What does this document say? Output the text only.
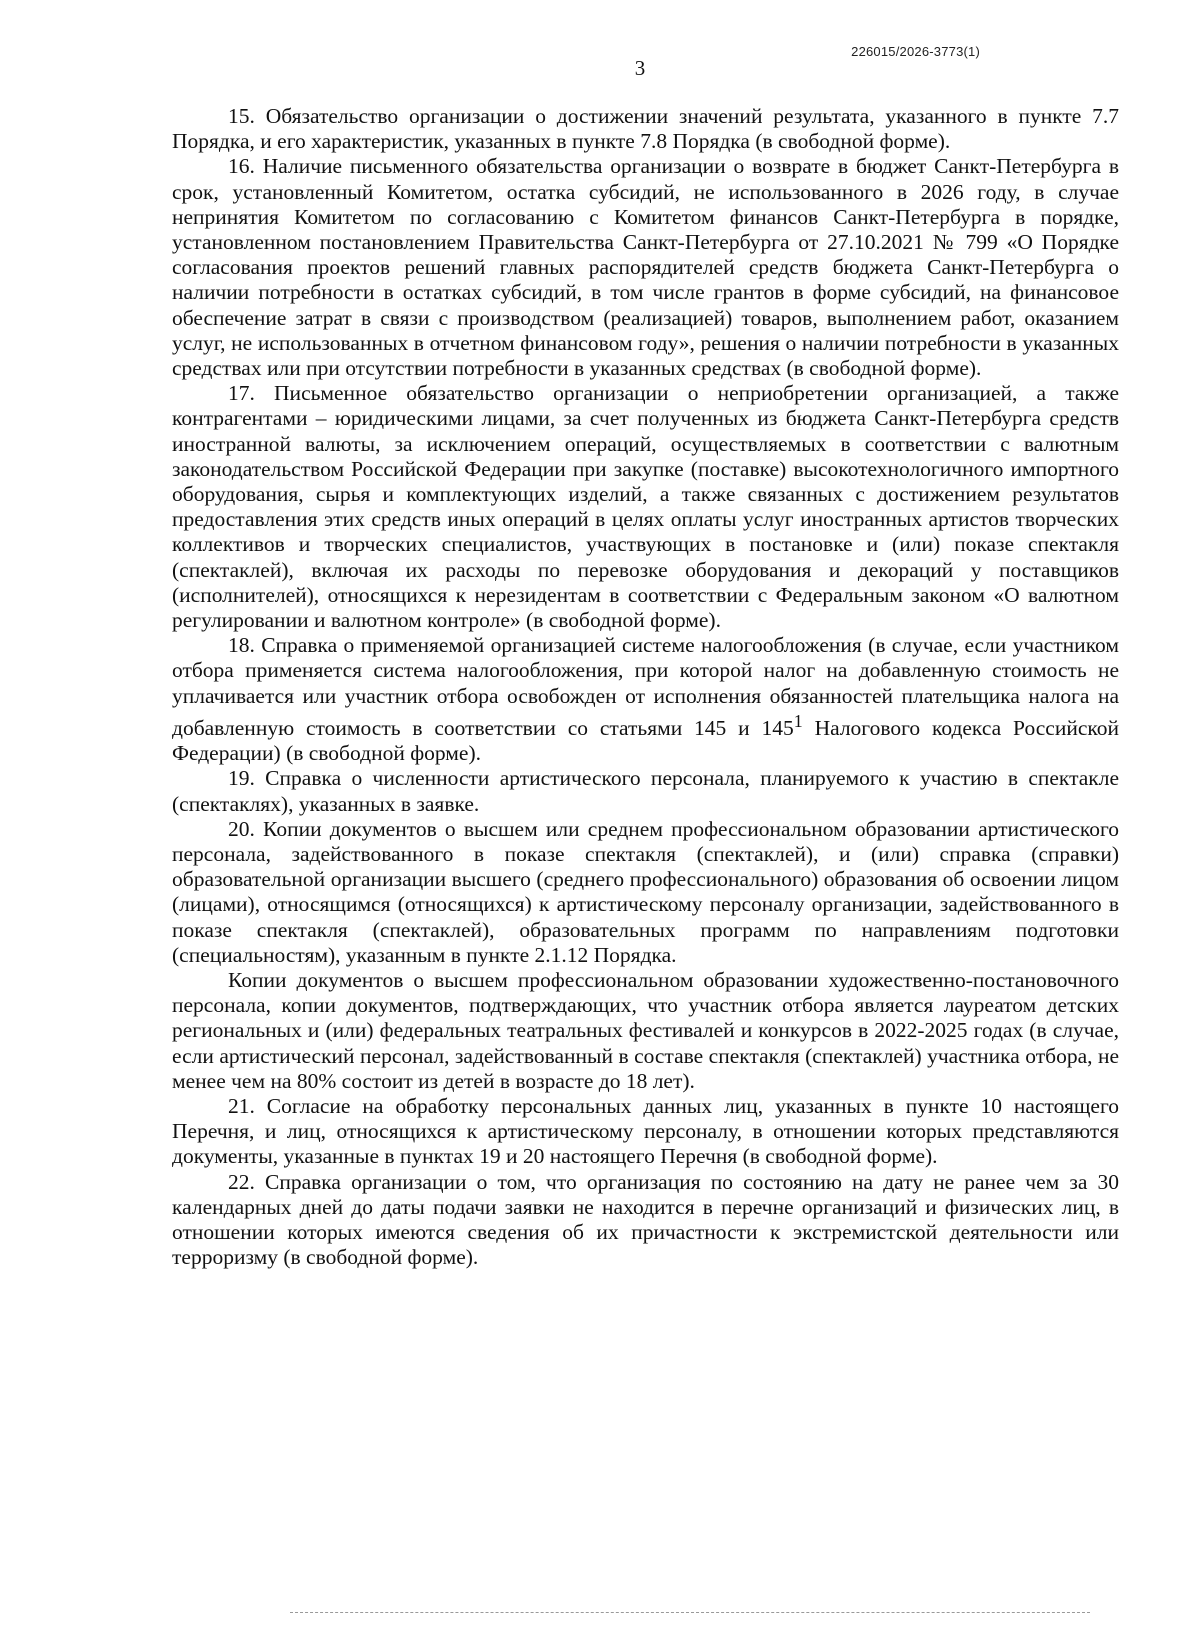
226015/2026-3773(1)
3

15. Обязательство организации о достижении значений результата, указанного в пункте 7.7 Порядка, и его характеристик, указанных в пункте 7.8 Порядка (в свободной форме).

16. Наличие письменного обязательства организации о возврате в бюджет Санкт-Петербурга в срок, установленный Комитетом, остатка субсидий, не использованного в 2026 году, в случае непринятия Комитетом по согласованию с Комитетом финансов Санкт-Петербурга в порядке, установленном постановлением Правительства Санкт-Петербурга от 27.10.2021 № 799 «О Порядке согласования проектов решений главных распорядителей средств бюджета Санкт-Петербурга о наличии потребности в остатках субсидий, в том числе грантов в форме субсидий, на финансовое обеспечение затрат в связи с производством (реализацией) товаров, выполнением работ, оказанием услуг, не использованных в отчетном финансовом году», решения о наличии потребности в указанных средствах или при отсутствии потребности в указанных средствах (в свободной форме).

17. Письменное обязательство организации о неприобретении организацией, а также контрагентами – юридическими лицами, за счет полученных из бюджета Санкт-Петербурга средств иностранной валюты, за исключением операций, осуществляемых в соответствии с валютным законодательством Российской Федерации при закупке (поставке) высокотехнологичного импортного оборудования, сырья и комплектующих изделий, а также связанных с достижением результатов предоставления этих средств иных операций в целях оплаты услуг иностранных артистов творческих коллективов и творческих специалистов, участвующих в постановке и (или) показе спектакля (спектаклей), включая их расходы по перевозке оборудования и декораций у поставщиков (исполнителей), относящихся к нерезидентам в соответствии с Федеральным законом «О валютном регулировании и валютном контроле» (в свободной форме).

18. Справка о применяемой организацией системе налогообложения (в случае, если участником отбора применяется система налогообложения, при которой налог на добавленную стоимость не уплачивается или участник отбора освобожден от исполнения обязанностей плательщика налога на добавленную стоимость в соответствии со статьями 145 и $145^1$ Налогового кодекса Российской Федерации) (в свободной форме).

19. Справка о численности артистического персонала, планируемого к участию в спектакле (спектаклях), указанных в заявке.

20. Копии документов о высшем или среднем профессиональном образовании артистического персонала, задействованного в показе спектакля (спектаклей), и (или) справка (справки) образовательной организации высшего (среднего профессионального) образования об освоении лицом (лицами), относящимся (относящихся) к артистическому персоналу организации, задействованного в показе спектакля (спектаклей), образовательных программ по направлениям подготовки (специальностям), указанным в пункте 2.1.12 Порядка.

Копии документов о высшем профессиональном образовании художественно-постановочного персонала, копии документов, подтверждающих, что участник отбора является лауреатом детских региональных и (или) федеральных театральных фестивалей и конкурсов в 2022-2025 годах (в случае, если артистический персонал, задействованный в составе спектакля (спектаклей) участника отбора, не менее чем на 80% состоит из детей в возрасте до 18 лет).

21. Согласие на обработку персональных данных лиц, указанных в пункте 10 настоящего Перечня, и лиц, относящихся к артистическому персоналу, в отношении которых представляются документы, указанные в пунктах 19 и 20 настоящего Перечня (в свободной форме).

22. Справка организации о том, что организация по состоянию на дату не ранее чем за 30 календарных дней до даты подачи заявки не находится в перечне организаций и физических лиц, в отношении которых имеются сведения об их причастности к экстремистской деятельности или терроризму (в свободной форме).
